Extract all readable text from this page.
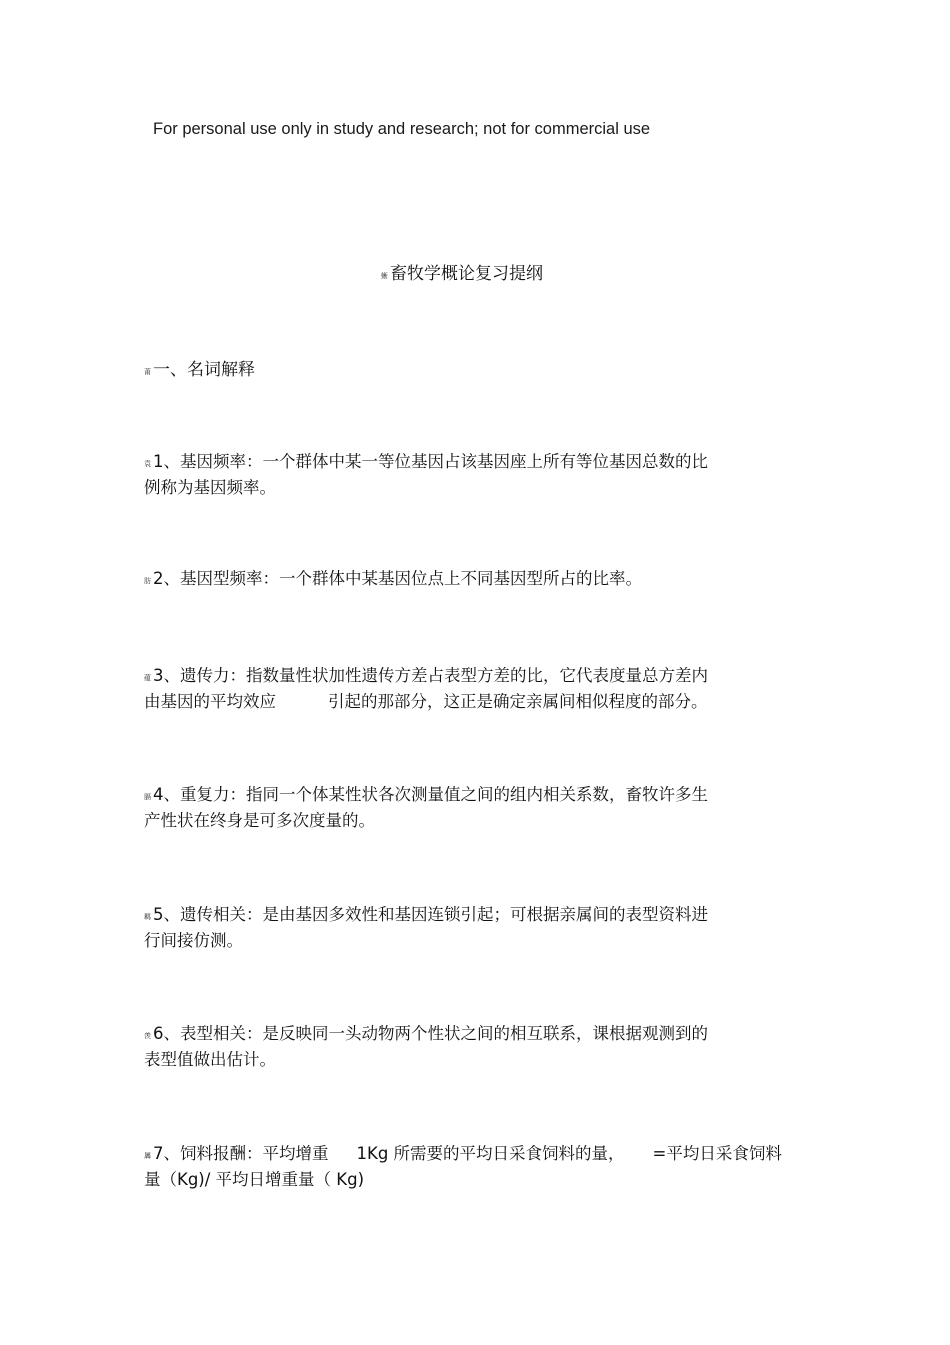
For personal use only in study and research; not for commercial use
蜥 畜牧学概论复习提纲
莆 一、名词解释
袁 1、基因频率：一个群体中某一等位基因占该基因座上所有等位基因总数的比
例称为基因频率。
肪 2、基因型频率：一个群体中某基因位点上不同基因型所占的比率。
蕴 3、遗传力：指数量性状加性遗传方差占表型方差的比，它代表度量总方差内
由基因的平均效应	引起的那部分，这正是确定亲属间相似程度的部分。
膈 4、重复力：指同一个体某性状各次测量值之间的组内相关系数，畜牧许多生
产性状在终身是可多次度量的。
羁 5、遗传相关：是由基因多效性和基因连锁引起；可根据亲属间的表型资料进
行间接仿测。
羡 6、表型相关：是反映同一头动物两个性状之间的相互联系，课根据观测到的
表型值做出估计。
羼 7、饲料报酬：平均增重 1Kg 所需要的平均日采食饲料的量， =平均日采食饲料
量（Kg)/ 平均日增重量（ Kg)
